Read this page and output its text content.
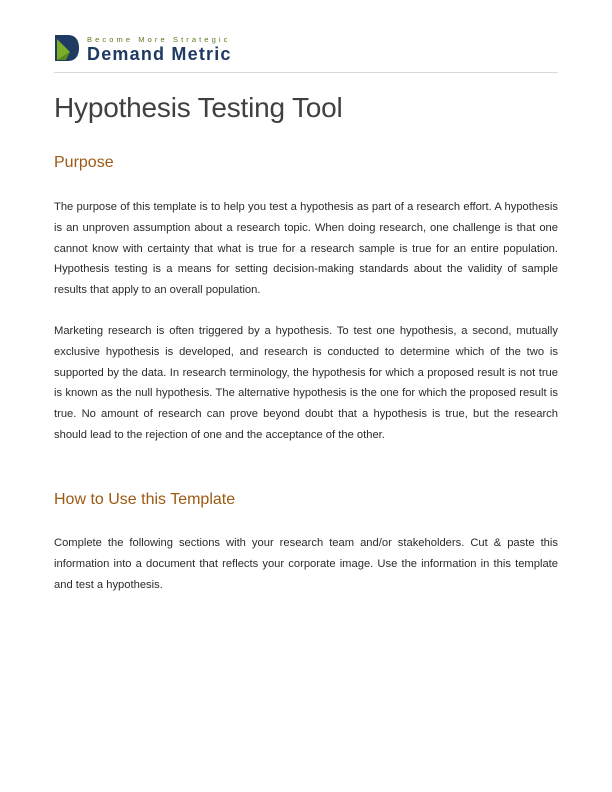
Become More Strategic
Demand Metric
Hypothesis Testing Tool
Purpose

The purpose of this template is to help you test a hypothesis as part of a research effort. A hypothesis is an unproven assumption about a research topic. When doing research, one challenge is that one cannot know with certainty that what is true for a research sample is true for an entire population. Hypothesis testing is a means for setting decision-making standards about the validity of sample results that apply to an overall population.

Marketing research is often triggered by a hypothesis. To test one hypothesis, a second, mutually exclusive hypothesis is developed, and research is conducted to determine which of the two is supported by the data. In research terminology, the hypothesis for which a proposed result is not true is known as the null hypothesis. The alternative hypothesis is the one for which the proposed result is true. No amount of research can prove beyond doubt that a hypothesis is true, but the research should lead to the rejection of one and the acceptance of the other.

How to Use this Template

Complete the following sections with your research team and/or stakeholders. Cut & paste this information into a document that reflects your corporate image. Use the information in this template and test a hypothesis.
